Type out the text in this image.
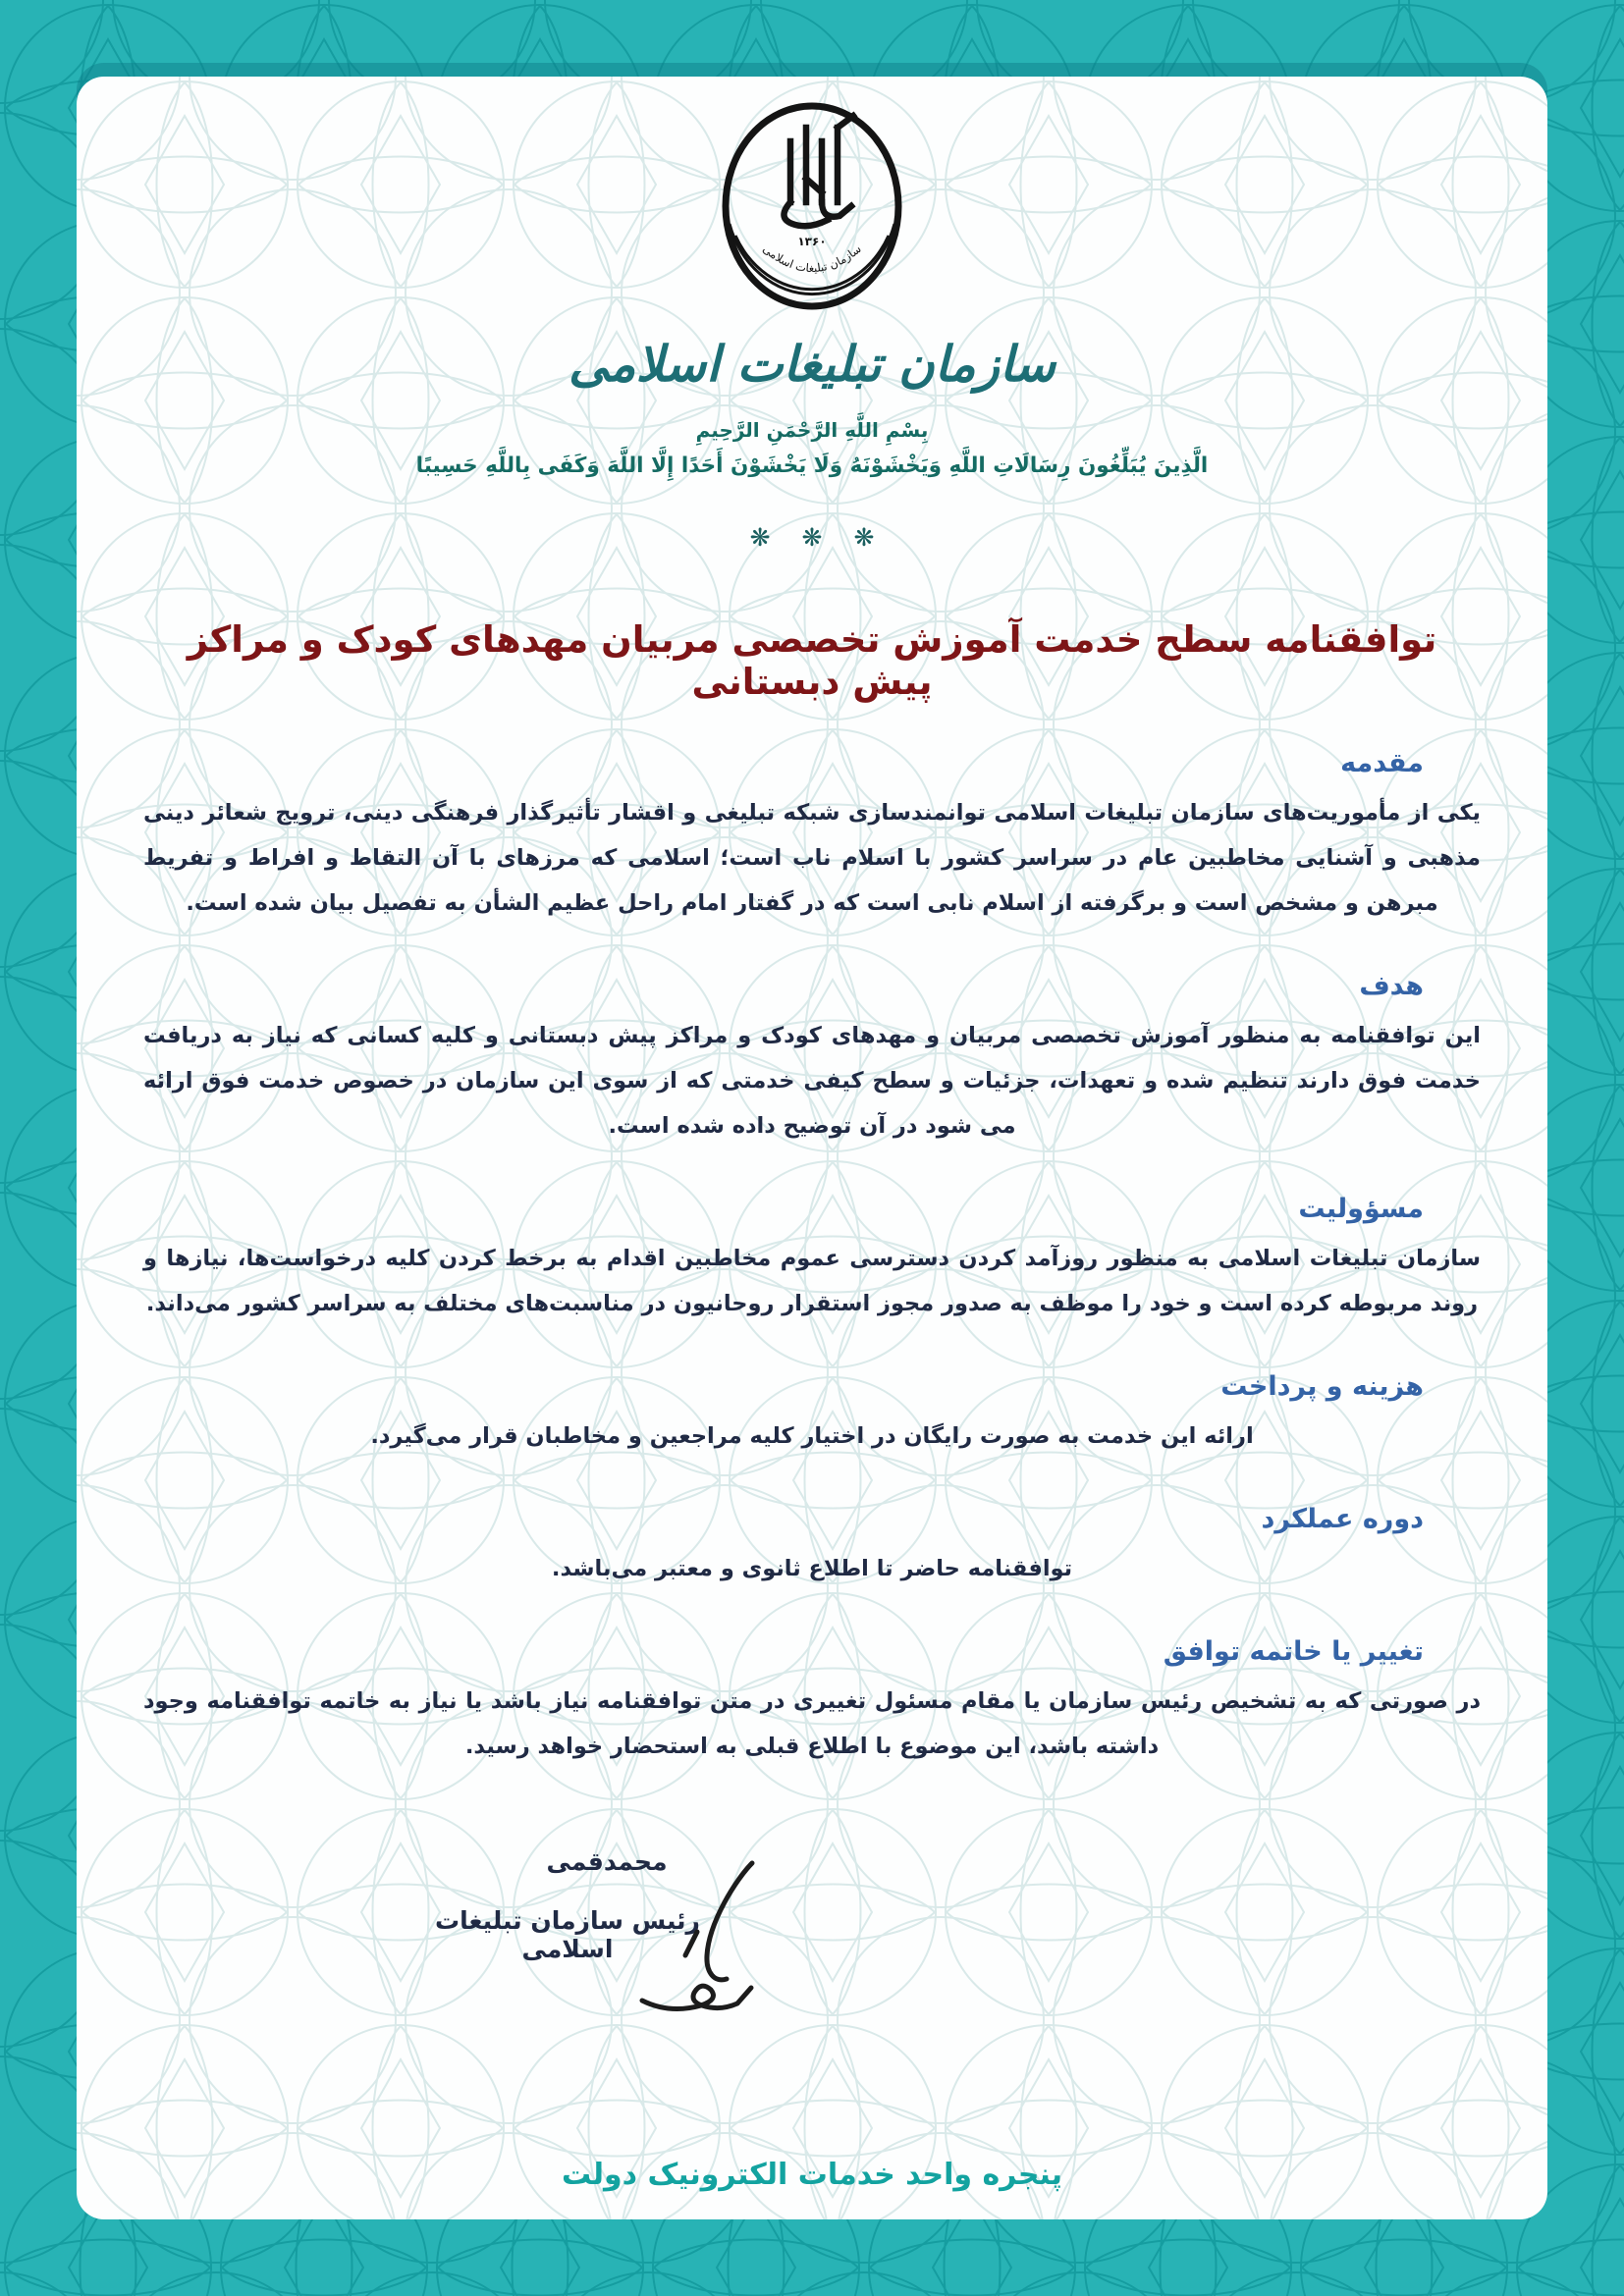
۱۳۶۰
سازمان تبلیغات اسلامی
سازمان تبلیغات اسلامی
بِسْمِ اللَّهِ الرَّحْمَنِ الرَّحِيمِ
الَّذِينَ يُبَلِّغُونَ رِسَالَاتِ اللَّهِ وَيَخْشَوْنَهُ وَلَا يَخْشَوْنَ أَحَدًا إِلَّا اللَّهَ وَكَفَى بِاللَّهِ حَسِيبًا
❋❋❋
توافقنامه سطح خدمت آموزش تخصصی مربیان مهدهای کودک و مراکز پیش دبستانی
مقدمه
یکی از مأموریت‌های سازمان تبلیغات اسلامی توانمندسازی شبکه تبلیغی و اقشار تأثیرگذار فرهنگی دینی، ترویج شعائر دینی مذهبی و آشنایی مخاطبین عام در سراسر کشور با اسلام ناب است؛ اسلامی که مرزهای با آن التقاط و افراط و تفریط مبرهن و مشخص است و برگرفته از اسلام نابی است که در گفتار امام راحل عظیم الشأن به تفصیل بیان شده است.
هدف
این توافقنامه به منظور آموزش تخصصی مربیان و مهدهای کودک و مراکز پیش دبستانی و کلیه کسانی که نیاز به دریافت خدمت فوق دارند تنظیم شده و تعهدات، جزئیات و سطح کیفی خدمتی که از سوی این سازمان در خصوص خدمت فوق ارائه می شود در آن توضیح داده شده است.
مسؤولیت
سازمان تبلیغات اسلامی به منظور روزآمد کردن دسترسی عموم مخاطبین اقدام به برخط کردن کلیه درخواست‌ها، نیازها و روند مربوطه کرده است و خود را موظف به صدور مجوز استقرار روحانیون در مناسبت‌های مختلف به سراسر کشور می‌داند.
هزینه و پرداخت
ارائه این خدمت به صورت رایگان در اختیار کلیه مراجعین و مخاطبان قرار می‌گیرد.
دوره عملکرد
توافقنامه حاضر تا اطلاع ثانوی و معتبر می‌باشد.
تغییر یا خاتمه توافق
در صورتی که به تشخیص رئیس سازمان یا مقام مسئول تغییری در متن توافقنامه نیاز باشد یا نیاز به خاتمه توافقنامه وجود داشته باشد، این موضوع با اطلاع قبلی به استحضار خواهد رسید.
محمدقمی
رئیس سازمان تبلیغات اسلامی
پنجره واحد خدمات الکترونیک دولت
